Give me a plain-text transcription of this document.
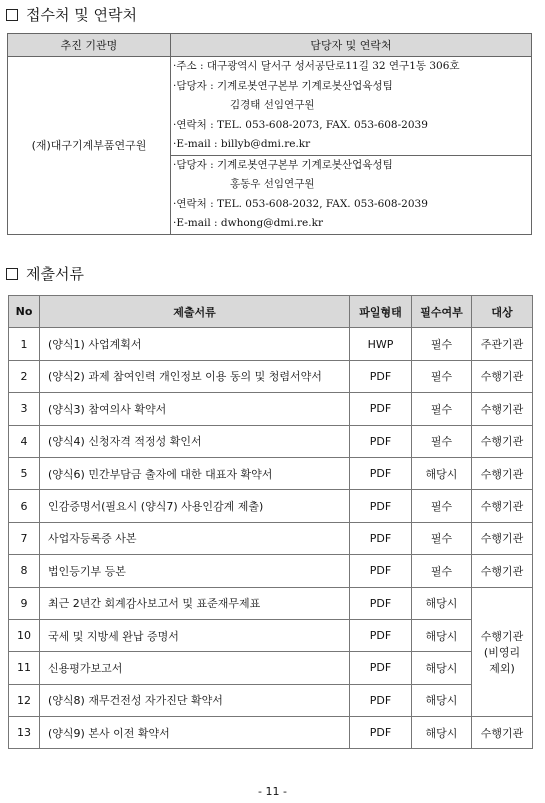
접수처 및 연락처
추진 기관명	담당자 및 연락처
(재)대구기계부품연구원	·주소 : 대구광역시 달서구 성서공단로11길 32 연구1동 306호
·담당자 : 기계로봇연구본부 기계로봇산업육성팀
김경태 선임연구원
·연락처 : TEL. 053-608-2073, FAX. 053-608-2039
·E-mail : billyb@dmi.re.kr

	·담당자 : 기계로봇연구본부 기계로봇산업육성팀
홍동우 선임연구원
·연락처 : TEL. 053-608-2032, FAX. 053-608-2039
·E-mail : dwhong@dmi.re.kr
제출서류
No	제출서류	파일형태	필수여부	대상
1	(양식1) 사업계획서	HWP	필수	주관기관
2	(양식2) 과제 참여인력 개인정보 이용 동의 및 청렴서약서	PDF	필수	수행기관
3	(양식3) 참여의사 확약서	PDF	필수	수행기관
4	(양식4) 신청자격 적정성 확인서	PDF	필수	수행기관
5	(양식6) 민간부담금 출자에 대한 대표자 확약서	PDF	해당시	수행기관
6	인감증명서(필요시 (양식7) 사용인감계 제출)	PDF	필수	수행기관
7	사업자등록증 사본	PDF	필수	수행기관
8	법인등기부 등본	PDF	필수	수행기관
9	최근 2년간 회계감사보고서 및 표준재무제표	PDF	해당시	수행기관
(비영리
제외)

10	국세 및 지방세 완납 증명서	PDF	해당시	
11	신용평가보고서	PDF	해당시	
12	(양식8) 재무건전성 자가진단 확약서	PDF	해당시	
13	(양식9) 본사 이전 확약서	PDF	해당시	수행기관
- 11 -
